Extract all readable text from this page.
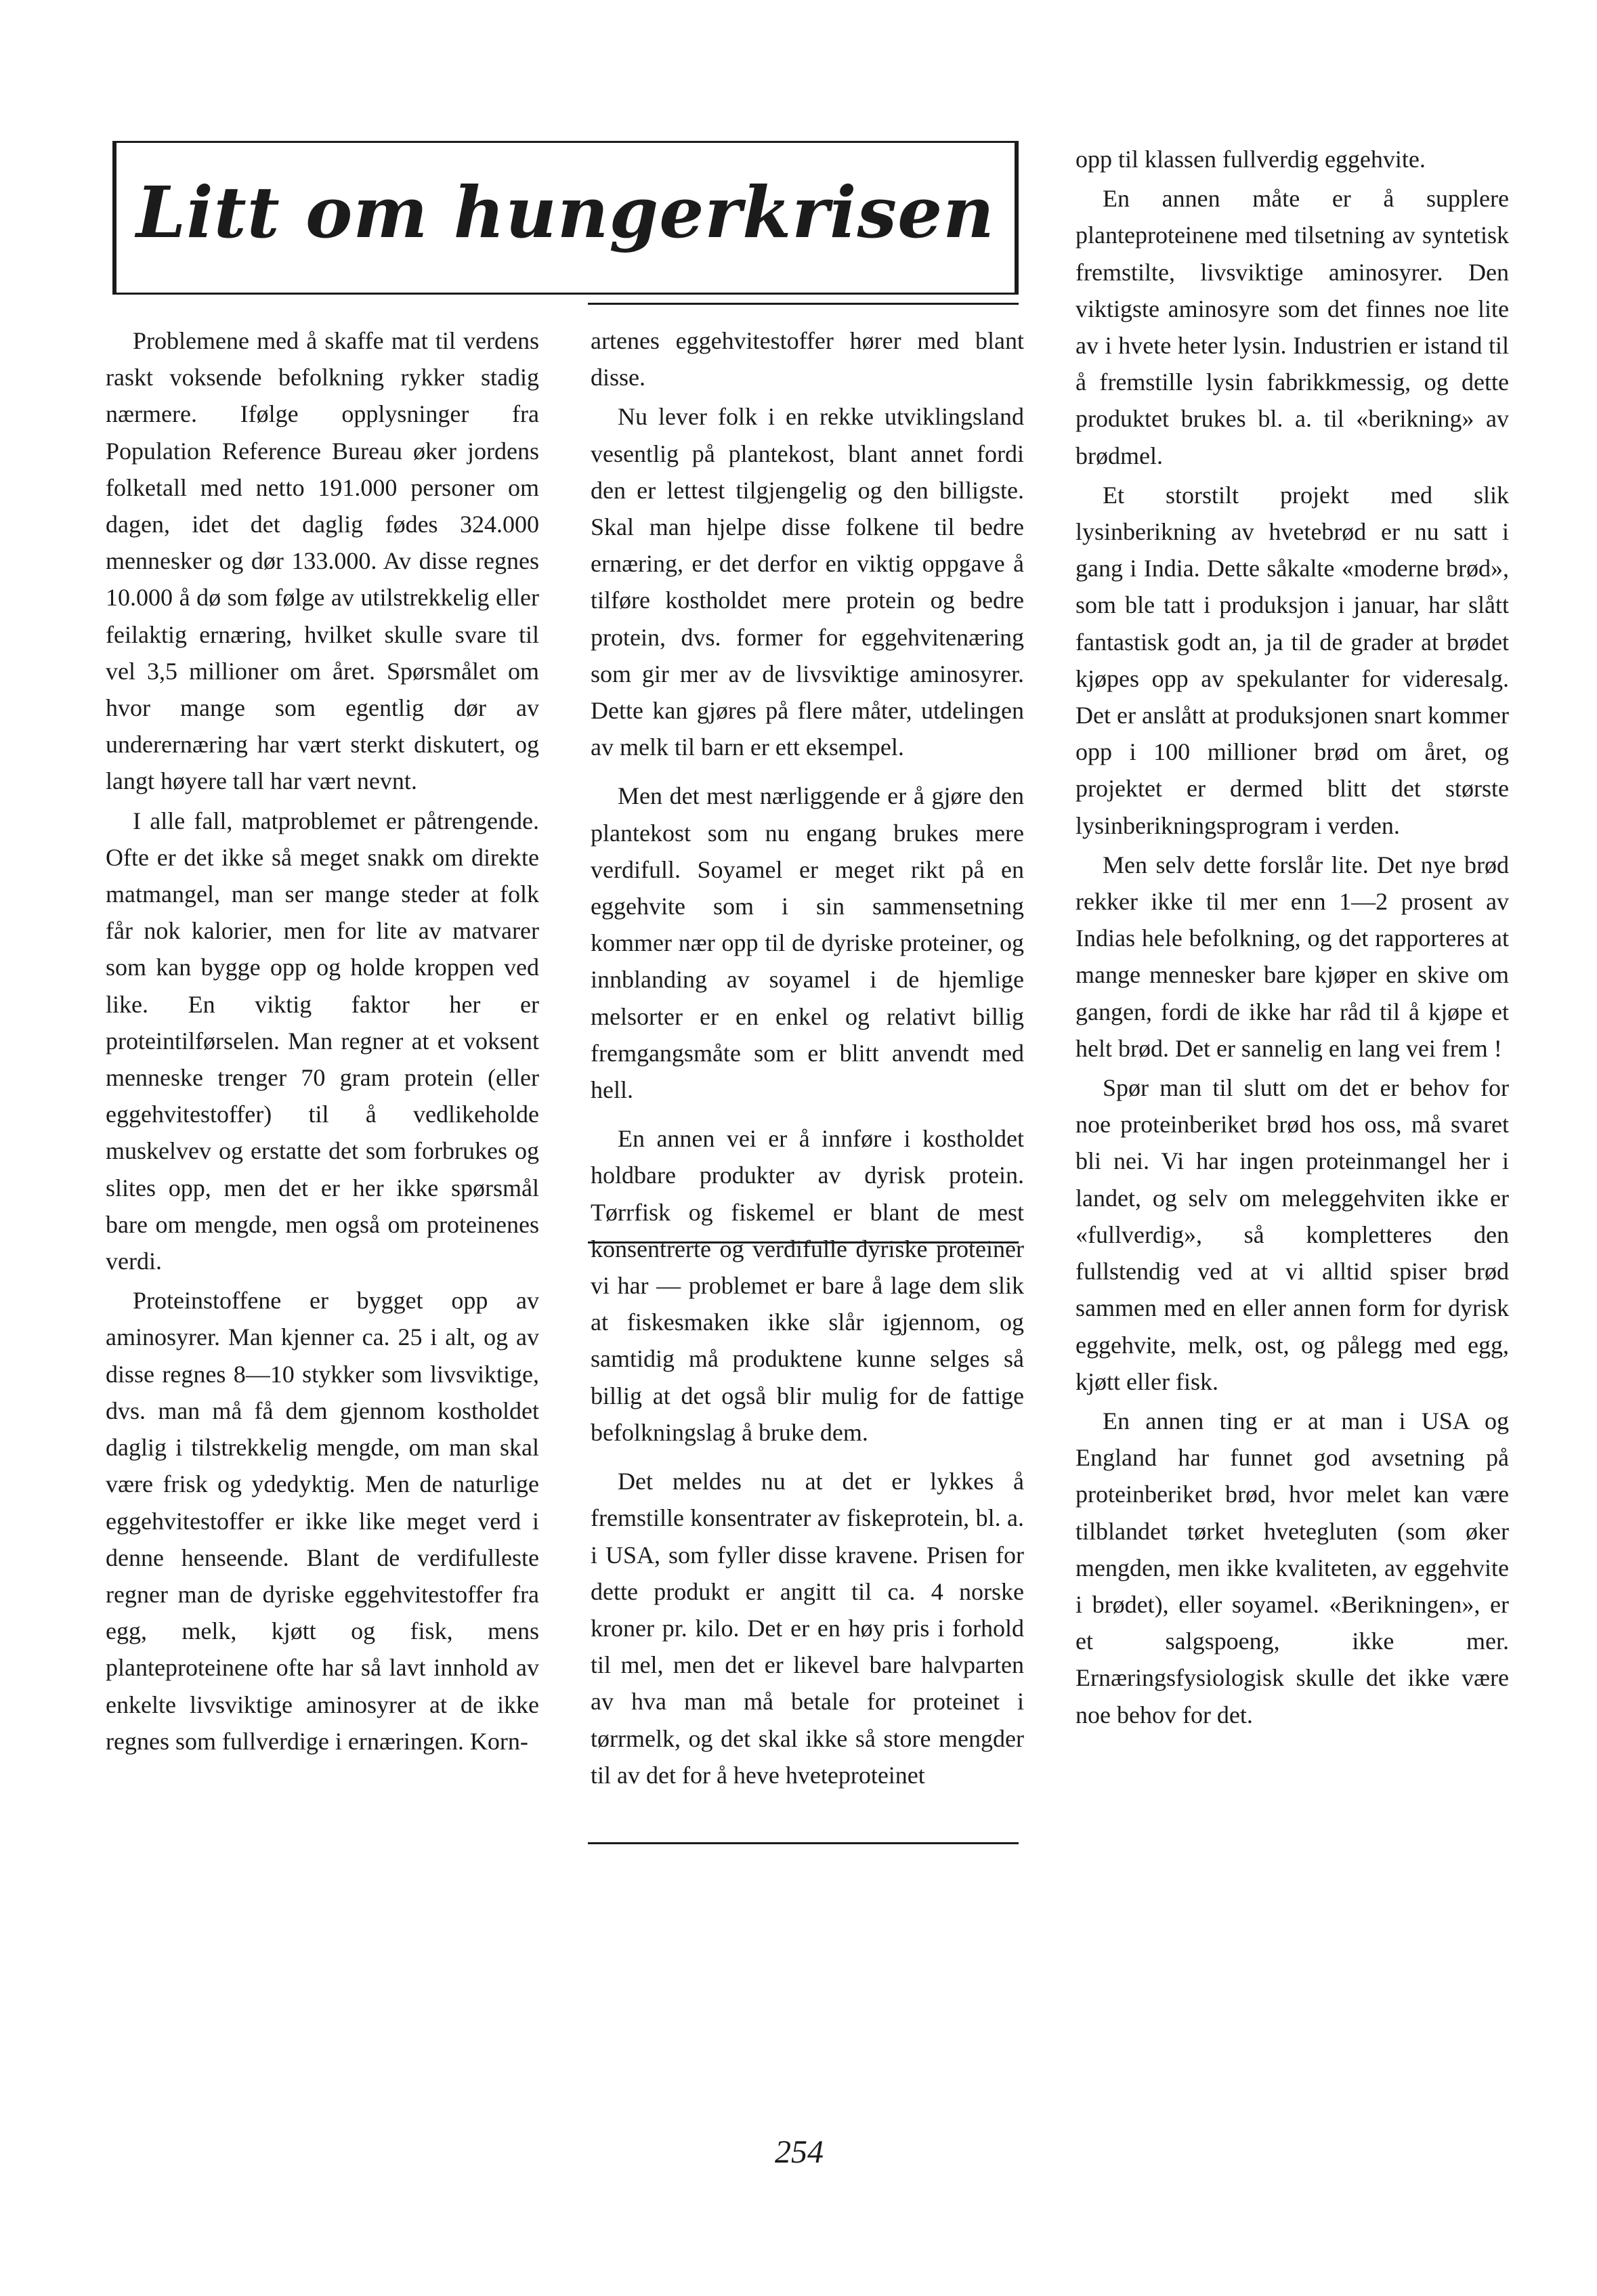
Litt om hungerkrisen

Problemene med å skaffe mat til verdens raskt voksende befolkning rykker stadig nærmere. Ifølge opplysninger fra Population Reference Bureau øker jordens folketall med netto 191.000 personer om dagen, idet det daglig fødes 324.000 mennesker og dør 133.000. Av disse regnes 10.000 å dø som følge av utilstrekkelig eller feilaktig ernæring, hvilket skulle svare til vel 3,5 millioner om året. Spørsmålet om hvor mange som egentlig dør av underernæring har vært sterkt diskutert, og langt høyere tall har vært nevnt.

I alle fall, matproblemet er påtrengende. Ofte er det ikke så meget snakk om direkte matmangel, man ser mange steder at folk får nok kalorier, men for lite av matvarer som kan bygge opp og holde kroppen ved like. En viktig faktor her er proteintilførselen. Man regner at et voksent menneske trenger 70 gram protein (eller eggehvitestoffer) til å vedlikeholde muskelvev og erstatte det som forbrukes og slites opp, men det er her ikke spørsmål bare om mengde, men også om proteinenes verdi.

Proteinstoffene er bygget opp av aminosyrer. Man kjenner ca. 25 i alt, og av disse regnes 8—10 stykker som livsviktige, dvs. man må få dem gjennom kostholdet daglig i tilstrekkelig mengde, om man skal være frisk og ydedyktig. Men de naturlige eggehvitestoffer er ikke like meget verd i denne henseende. Blant de verdifulleste regner man de dyriske eggehvitestoffer fra egg, melk, kjøtt og fisk, mens planteproteinene ofte har så lavt innhold av enkelte livsviktige aminosyrer at de ikke regnes som fullverdige i ernæringen. Korn-

artenes eggehvitestoffer hører med blant disse.

Nu lever folk i en rekke utviklingsland vesentlig på plantekost, blant annet fordi den er lettest tilgjengelig og den billigste. Skal man hjelpe disse folkene til bedre ernæring, er det derfor en viktig oppgave å tilføre kostholdet mere protein og bedre protein, dvs. former for eggehvitenæring som gir mer av de livsviktige aminosyrer. Dette kan gjøres på flere måter, utdelingen av melk til barn er ett eksempel.

Men det mest nærliggende er å gjøre den plantekost som nu engang brukes mere verdifull. Soyamel er meget rikt på en eggehvite som i sin sammensetning kommer nær opp til de dyriske proteiner, og innblanding av soyamel i de hjemlige melsorter er en enkel og relativt billig fremgangsmåte som er blitt anvendt med hell.

En annen vei er å innføre i kostholdet holdbare produkter av dyrisk protein. Tørrfisk og fiskemel er blant de mest konsentrerte og verdifulle dyriske proteiner vi har — problemet er bare å lage dem slik at fiskesmaken ikke slår igjennom, og samtidig må produktene kunne selges så billig at det også blir mulig for de fattige befolkningslag å bruke dem.

Det meldes nu at det er lykkes å fremstille konsentrater av fiskeprotein, bl. a. i USA, som fyller disse kravene. Prisen for dette produkt er angitt til ca. 4 norske kroner pr. kilo. Det er en høy pris i forhold til mel, men det er likevel bare halvparten av hva man må betale for proteinet i tørrmelk, og det skal ikke så store mengder til av det for å heve hveteproteinet

opp til klassen fullverdig eggehvite.

En annen måte er å supplere planteproteinene med tilsetning av syntetisk fremstilte, livsviktige aminosyrer. Den viktigste aminosyre som det finnes noe lite av i hvete heter lysin. Industrien er istand til å fremstille lysin fabrikkmessig, og dette produktet brukes bl. a. til «berikning» av brødmel.

Et storstilt projekt med slik lysinberikning av hvetebrød er nu satt i gang i India. Dette såkalte «moderne brød», som ble tatt i produksjon i januar, har slått fantastisk godt an, ja til de grader at brødet kjøpes opp av spekulanter for videresalg. Det er anslått at produksjonen snart kommer opp i 100 millioner brød om året, og projektet er dermed blitt det største lysinberikningsprogram i verden.

Men selv dette forslår lite. Det nye brød rekker ikke til mer enn 1—2 prosent av Indias hele befolkning, og det rapporteres at mange mennesker bare kjøper en skive om gangen, fordi de ikke har råd til å kjøpe et helt brød. Det er sannelig en lang vei frem !

Spør man til slutt om det er behov for noe proteinberiket brød hos oss, må svaret bli nei. Vi har ingen proteinmangel her i landet, og selv om meleggehviten ikke er «fullverdig», så kompletteres den fullstendig ved at vi alltid spiser brød sammen med en eller annen form for dyrisk eggehvite, melk, ost, og pålegg med egg, kjøtt eller fisk.

En annen ting er at man i USA og England har funnet god avsetning på proteinberiket brød, hvor melet kan være tilblandet tørket hvetegluten (som øker mengden, men ikke kvaliteten, av eggehvite i brødet), eller soyamel. «Berikningen», er et salgspoeng, ikke mer. Ernæringsfysiologisk skulle det ikke være noe behov for det.

254
